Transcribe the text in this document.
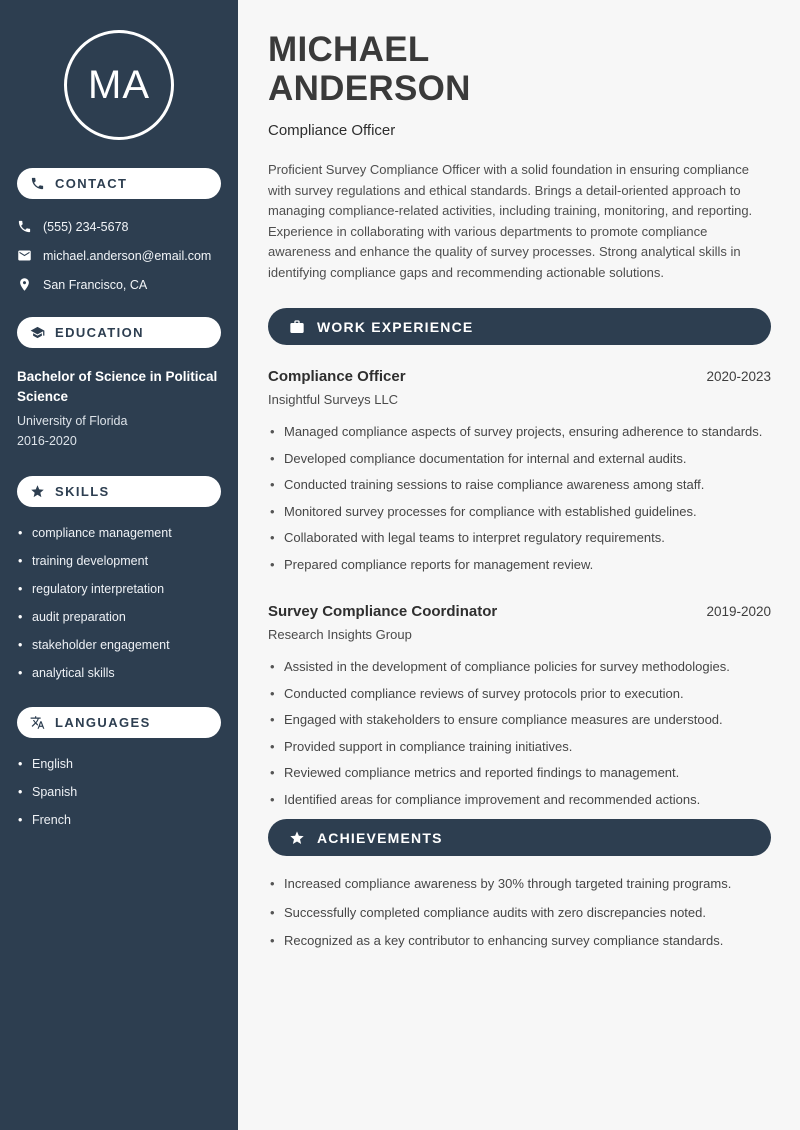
MA
CONTACT
(555) 234-5678
michael.anderson@email.com
San Francisco, CA
EDUCATION
Bachelor of Science in Political Science
University of Florida
2016-2020
SKILLS
• compliance management
• training development
• regulatory interpretation
• audit preparation
• stakeholder engagement
• analytical skills
LANGUAGES
• English
• Spanish
• French
MICHAEL
ANDERSON
Compliance Officer

Proficient Survey Compliance Officer with a solid foundation in ensuring compliance with survey regulations and ethical standards. Brings a detail-oriented approach to managing compliance-related activities, including training, monitoring, and reporting. Experience in collaborating with various departments to promote compliance awareness and enhance the quality of survey processes. Strong analytical skills in identifying compliance gaps and recommending actionable solutions.

WORK EXPERIENCE
Compliance Officer	2020-2023
Insightful Surveys LLC
• Managed compliance aspects of survey projects, ensuring adherence to standards.
• Developed compliance documentation for internal and external audits.
• Conducted training sessions to raise compliance awareness among staff.
• Monitored survey processes for compliance with established guidelines.
• Collaborated with legal teams to interpret regulatory requirements.
• Prepared compliance reports for management review.
Survey Compliance Coordinator	2019-2020
Research Insights Group
• Assisted in the development of compliance policies for survey methodologies.
• Conducted compliance reviews of survey protocols prior to execution.
• Engaged with stakeholders to ensure compliance measures are understood.
• Provided support in compliance training initiatives.
• Reviewed compliance metrics and reported findings to management.
• Identified areas for compliance improvement and recommended actions.
ACHIEVEMENTS
• Increased compliance awareness by 30% through targeted training programs.
• Successfully completed compliance audits with zero discrepancies noted.
• Recognized as a key contributor to enhancing survey compliance standards.
